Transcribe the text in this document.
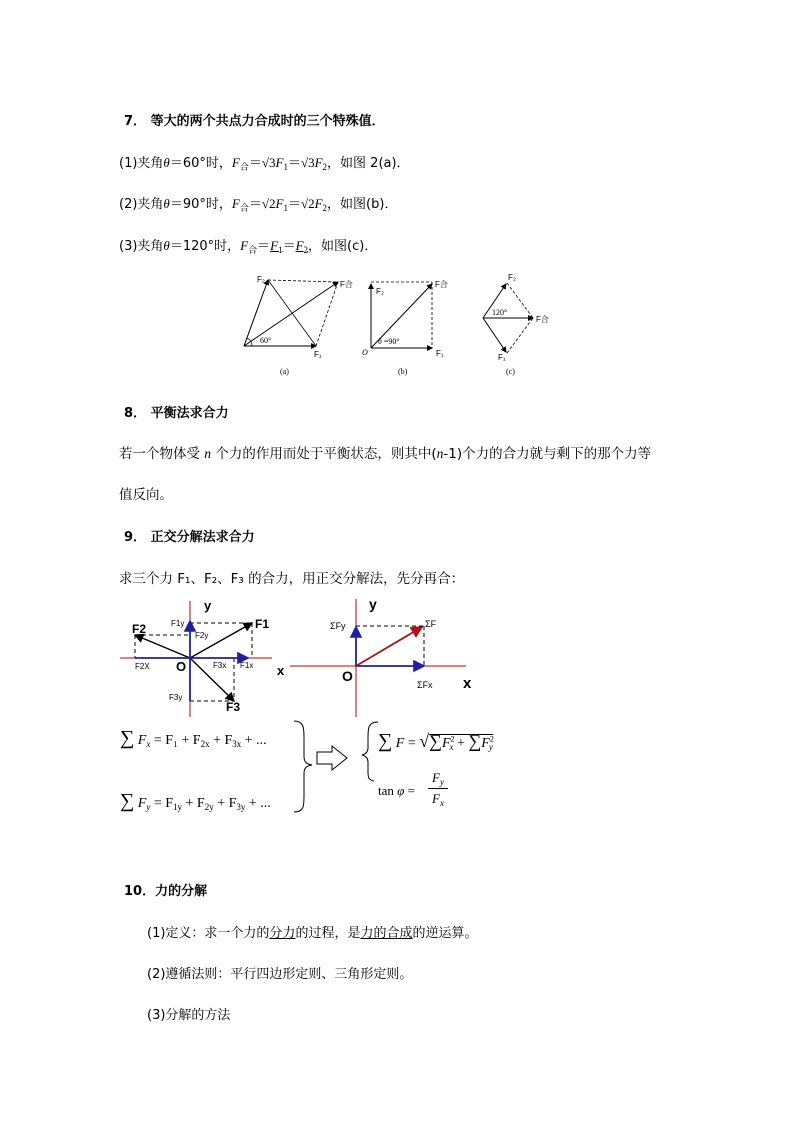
7． 等大的两个共点力合成时的三个特殊值．
(1)夹角θ＝60°时，$F_合=√3F_1=√3F_2$，如图 2(a)．
(2)夹角θ＝90°时，$F_合=√2F_1=√2F_2$，如图(b)．
(3)夹角θ＝120°时，$F_合=F_1=F_2$，如图(c)．
F₂
F合
F₁
60°
(a)
F₂
F合
F₁
O
θ =90°
(b)
F₂
F合
F₁
120°
(c)
8． 平衡法求合力
若一个物体受 n 个力的作用而处于平衡状态，则其中(n-1)个力的合力就与剩下的那个力等
值反向。
9． 正交分解法求合力
求三个力 F₁、F₂、F₃ 的合力，用正交分解法，先分再合：
y
x
O
F1
F2
F3
F1y
F2y
F2X	F3x F1x
F3y
y
x
O
ΣF
ΣFy
ΣFx
∑ $F_x = F_1 + F_{2x} + F_{3x}$ + ...
∑ $F_y = F_{1y} + F_{2y} + F_{3y}$ + ...
∑ $F = √\sum F^2_x + \sum F^2_y$
tan φ =
$F_y$
$F_x$
10．力的分解
(1)定义：求一个力的分力的过程，是力的合成的逆运算。
(2)遵循法则：平行四边形定则、三角形定则。
(3)分解的方法
